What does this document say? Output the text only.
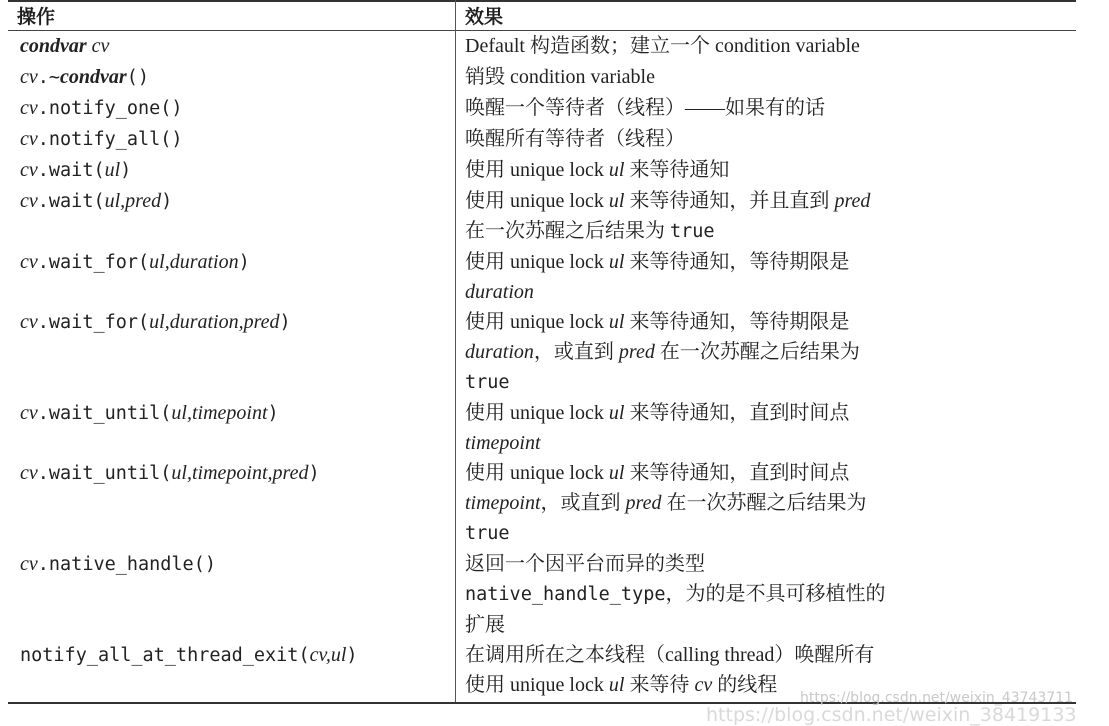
操作	效果
condvar cv	Default 构造函数；建立一个 condition variable

cv.~condvar()	销毁 condition variable

cv.notify_one()	唤醒一个等待者（线程）——如果有的话

cv.notify_all()	唤醒所有等待者（线程）

cv.wait(ul)	使用 unique lock ul 来等待通知

cv.wait(ul,pred)	使用 unique lock ul 来等待通知，并且直到 pred
在一次苏醒之后结果为 true

cv.wait_for(ul,duration)	使用 unique lock ul 来等待通知，等待期限是
duration

cv.wait_for(ul,duration,pred)	使用 unique lock ul 来等待通知，等待期限是
duration，或直到 pred 在一次苏醒之后结果为
true

cv.wait_until(ul,timepoint)	使用 unique lock ul 来等待通知，直到时间点
timepoint

cv.wait_until(ul,timepoint,pred)	使用 unique lock ul 来等待通知，直到时间点
timepoint，或直到 pred 在一次苏醒之后结果为
true

cv.native_handle()	返回一个因平台而异的类型
native_handle_type，为的是不具可移植性的
扩展

notify_all_at_thread_exit(cv,ul)	在调用所在之本线程（calling thread）唤醒所有
使用 unique lock ul 来等待 cv 的线程
https://blog.csdn.net/weixin_43743711
https://blog.csdn.net/weixin_38419133
